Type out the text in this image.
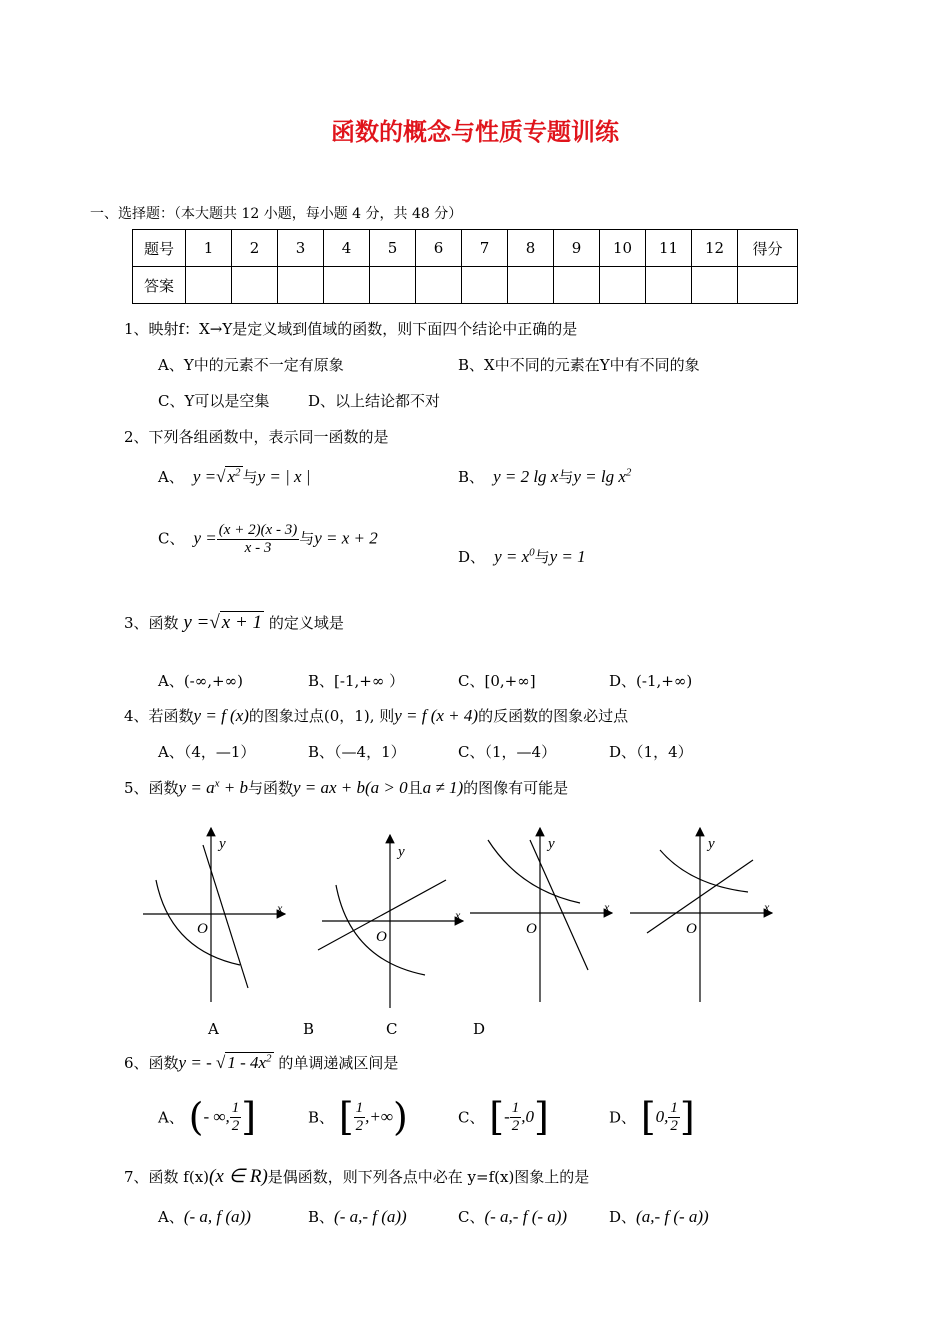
函数的概念与性质专题训练
一、选择题：（本大题共 12 小题，每小题 4 分，共 48 分）
题号	1	2	3	4	5	6	7	8	9	10	11	12	得分
答案													
1、映射f：X→Y是定义域到值域的函数，则下面四个结论中正确的是
A、Y中的元素不一定有原象	B、X中不同的元素在Y中有不同的象
C、Y可以是空集	D、以上结论都不对
2、下列各组函数中，表示同一函数的是
A、  y =√ $x^2$ 与y = | x |	B、  y = 2 lg x与$y = \lg x^2$
C、  $y = \frac{(x + 2)(x - 3)}{x - 3}$ 与y = x + 2
D、  $y = x^0$与y = 1
3、函数 y =√ x + 1 的定义域是
A、(-∞,+∞)	B、[-1,+∞ ）	C、[0,+∞]	D、(-1,+∞)
4、若函数y = f (x)的图象过点(0，1), 则y = f (x + 4)的反函数的图象必过点
A、（4，—1）	B、（—4，1）	C、（1，—4）	D、（1，4）
5、函数$y = a^x + b$与函数y = ax + b(a > 0且a ≠ 1)的图像有可能是
y
x
O
y
x
O
y
x
O
y
x
O
A	B	C	D
6、函数y = - √ $1 - 4x^2$ 的单调递减区间是
A、 (- ∞, $\frac{1}{2}$ ]	B、 [ $\frac{1}{2}$ ,+∞)	C、 [- $\frac{1}{2} ,0$]	D、 [0, $\frac{1}{2}$ ]
7、函数 f(x)(x ∈ R)是偶函数，则下列各点中必在 y=f(x)图象上的是
A、(- a, f (a))	B、(- a,- f (a))	C、(- a,- f (- a))	D、(a,- f (- a))
